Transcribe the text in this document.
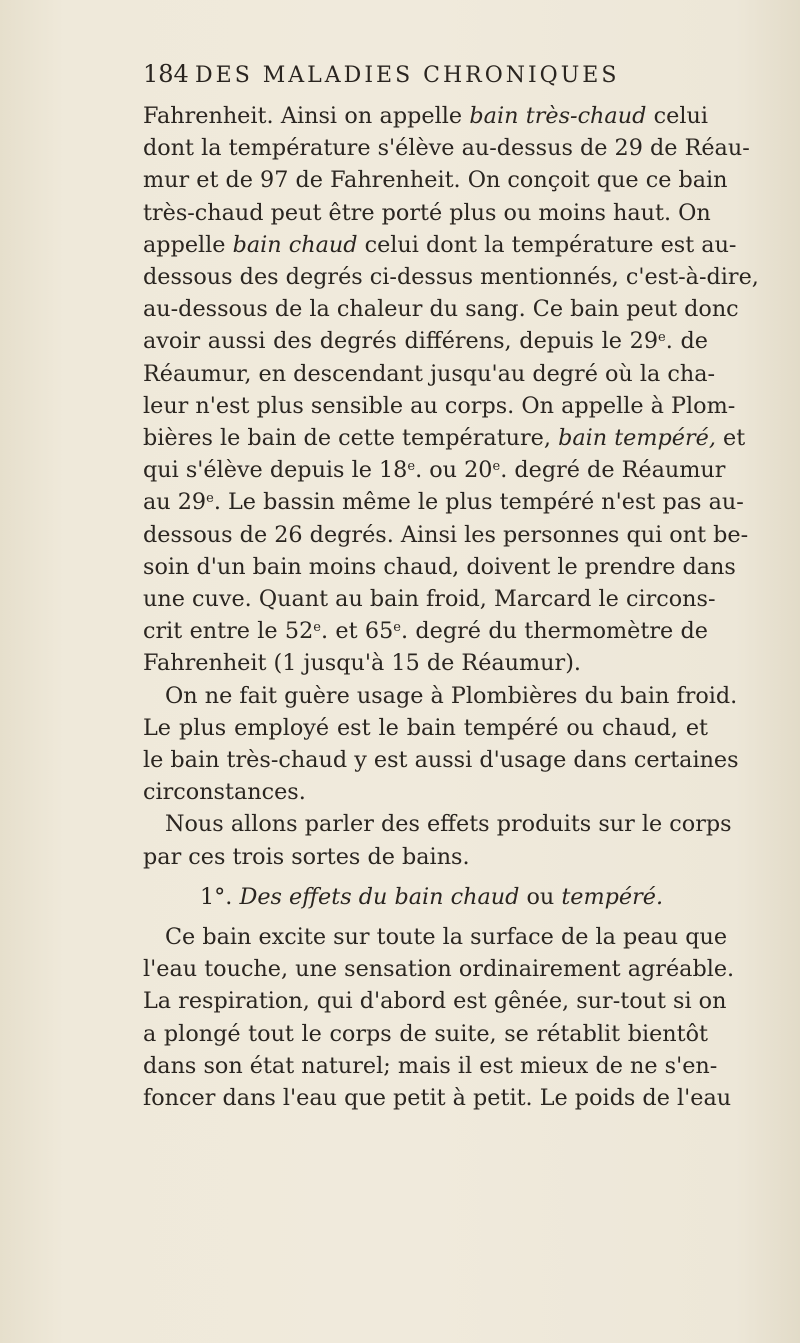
184 DES MALADIES CHRONIQUES
Fahrenheit. Ainsi on appelle bain très-chaud celui
dont la température s'élève au-dessus de 29 de Réau-
mur et de 97 de Fahrenheit. On conçoit que ce bain
très-chaud peut être porté plus ou moins haut. On
appelle bain chaud celui dont la température est au-
dessous des degrés ci-dessus mentionnés, c'est-à-dire,
au-dessous de la chaleur du sang. Ce bain peut donc
avoir aussi des degrés différens, depuis le 29e. de
Réaumur, en descendant jusqu'au degré où la cha-
leur n'est plus sensible au corps. On appelle à Plom-
bières le bain de cette température, bain tempéré, et
qui s'élève depuis le 18e. ou 20e. degré de Réaumur
au 29e. Le bassin même le plus tempéré n'est pas au-
dessous de 26 degrés. Ainsi les personnes qui ont be-
soin d'un bain moins chaud, doivent le prendre dans
une cuve. Quant au bain froid, Marcard le circons-
crit entre le 52e. et 65e. degré du thermomètre de
Fahrenheit (1 jusqu'à 15 de Réaumur).
On ne fait guère usage à Plombières du bain froid.
Le plus employé est le bain tempéré ou chaud, et
le bain très-chaud y est aussi d'usage dans certaines
circonstances.
Nous allons parler des effets produits sur le corps
par ces trois sortes de bains.
1°. Des effets du bain chaud ou tempéré.
Ce bain excite sur toute la surface de la peau que
l'eau touche, une sensation ordinairement agréable.
La respiration, qui d'abord est gênée, sur-tout si on
a plongé tout le corps de suite, se rétablit bientôt
dans son état naturel; mais il est mieux de ne s'en-
foncer dans l'eau que petit à petit. Le poids de l'eau
